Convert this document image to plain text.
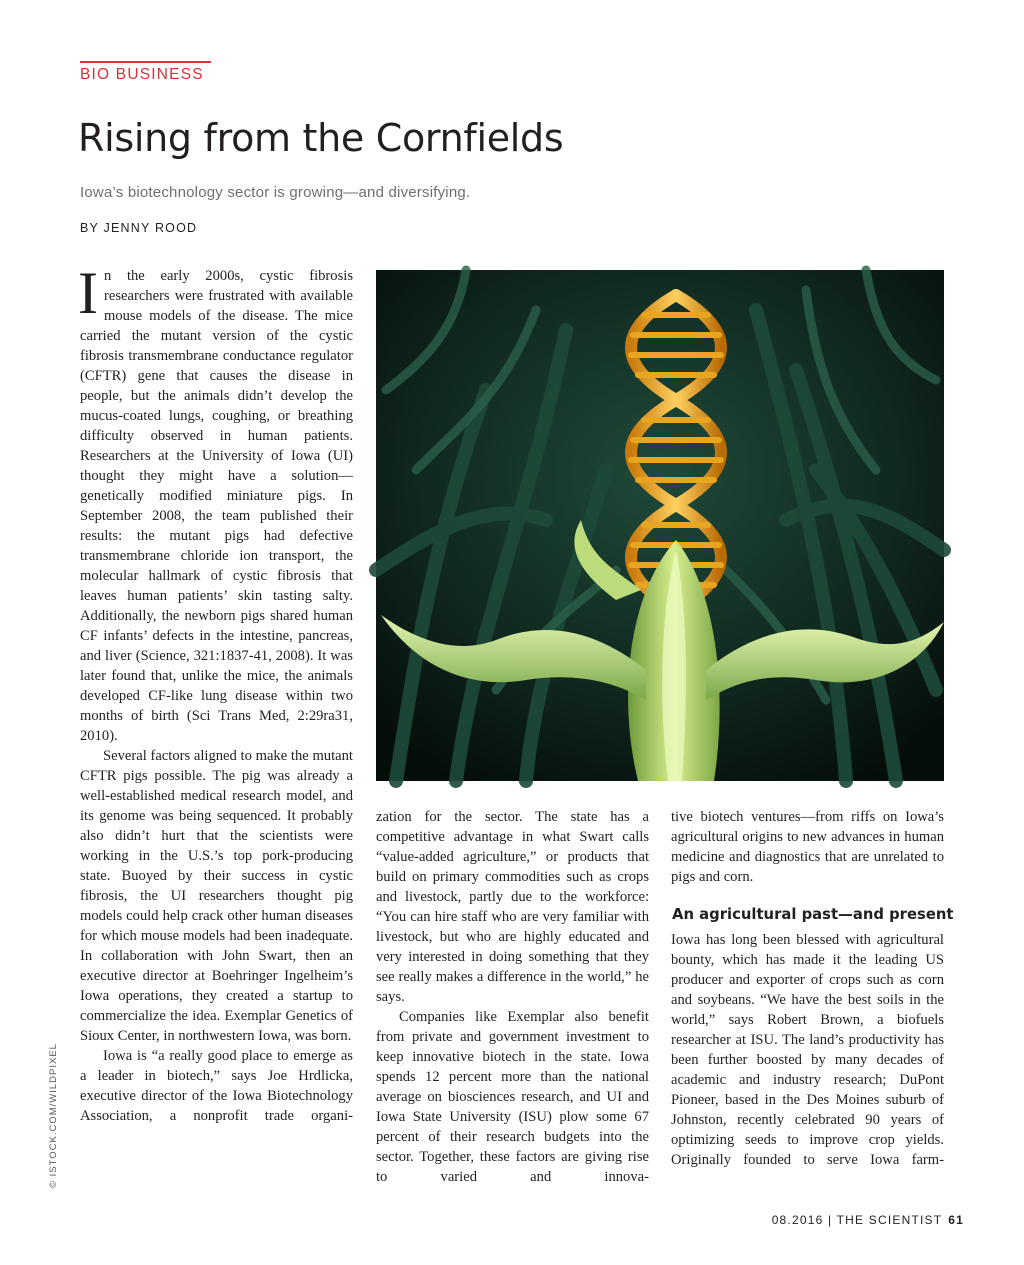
BIO BUSINESS
Rising from the Cornfields
Iowa’s biotechnology sector is growing—and diversifying.
BY JENNY ROOD
I n the early 2000s, cystic fibrosis researchers were frustrated with available mouse models of the disease. The mice carried the mutant version of the cystic fibrosis transmembrane conductance regulator (CFTR) gene that causes the disease in people, but the animals didn’t develop the mucus-coated lungs, coughing, or breathing difficulty observed in human patients. Researchers at the University of Iowa (UI) thought they might have a solution—genetically modified miniature pigs. In September 2008, the team published their results: the mutant pigs had defective transmembrane chloride ion transport, the molecular hallmark of cystic fibrosis that leaves human patients’ skin tasting salty. Additionally, the newborn pigs shared human CF infants’ defects in the intestine, pancreas, and liver (Science, 321:1837-41, 2008). It was later found that, unlike the mice, the animals developed CF-like lung disease within two months of birth (Sci Trans Med, 2:29ra31, 2010).
Several factors aligned to make the mutant CFTR pigs possible. The pig was already a well-established medical research model, and its genome was being sequenced. It probably also didn’t hurt that the scientists were working in the U.S.’s top pork-producing state. Buoyed by their success in cystic fibrosis, the UI researchers thought pig models could help crack other human diseases for which mouse models had been inadequate. In collaboration with John Swart, then an executive director at Boehringer Ingelheim’s Iowa operations, they created a startup to commercialize the idea. Exemplar Genetics of Sioux Center, in northwestern Iowa, was born.
Iowa is “a really good place to emerge as a leader in biotech,” says Joe Hrdlicka, executive director of the Iowa Biotechnology Association, a nonprofit trade organi-
zation for the sector. The state has a competitive advantage in what Swart calls “value-added agriculture,” or products that build on primary commodities such as crops and livestock, partly due to the workforce: “You can hire staff who are very familiar with livestock, but who are highly educated and very interested in doing something that they see really makes a difference in the world,” he says.
Companies like Exemplar also benefit from private and government investment to keep innovative biotech in the state. Iowa spends 12 percent more than the national average on biosciences research, and UI and Iowa State University (ISU) plow some 67 percent of their research budgets into the sector. Together, these factors are giving rise to varied and innova-
tive biotech ventures—from riffs on Iowa’s agricultural origins to new advances in human medicine and diagnostics that are unrelated to pigs and corn.
An agricultural past—and present
Iowa has long been blessed with agricultural bounty, which has made it the leading US producer and exporter of crops such as corn and soybeans. “We have the best soils in the world,” says Robert Brown, a biofuels researcher at ISU. The land’s productivity has been further boosted by many decades of academic and industry research; DuPont Pioneer, based in the Des Moines suburb of Johnston, recently celebrated 90 years of optimizing seeds to improve crop yields. Originally founded to serve Iowa farm-
© ISTOCK.COM/WILDPIXEL
08.2016 | THE SCIENTIST 61
